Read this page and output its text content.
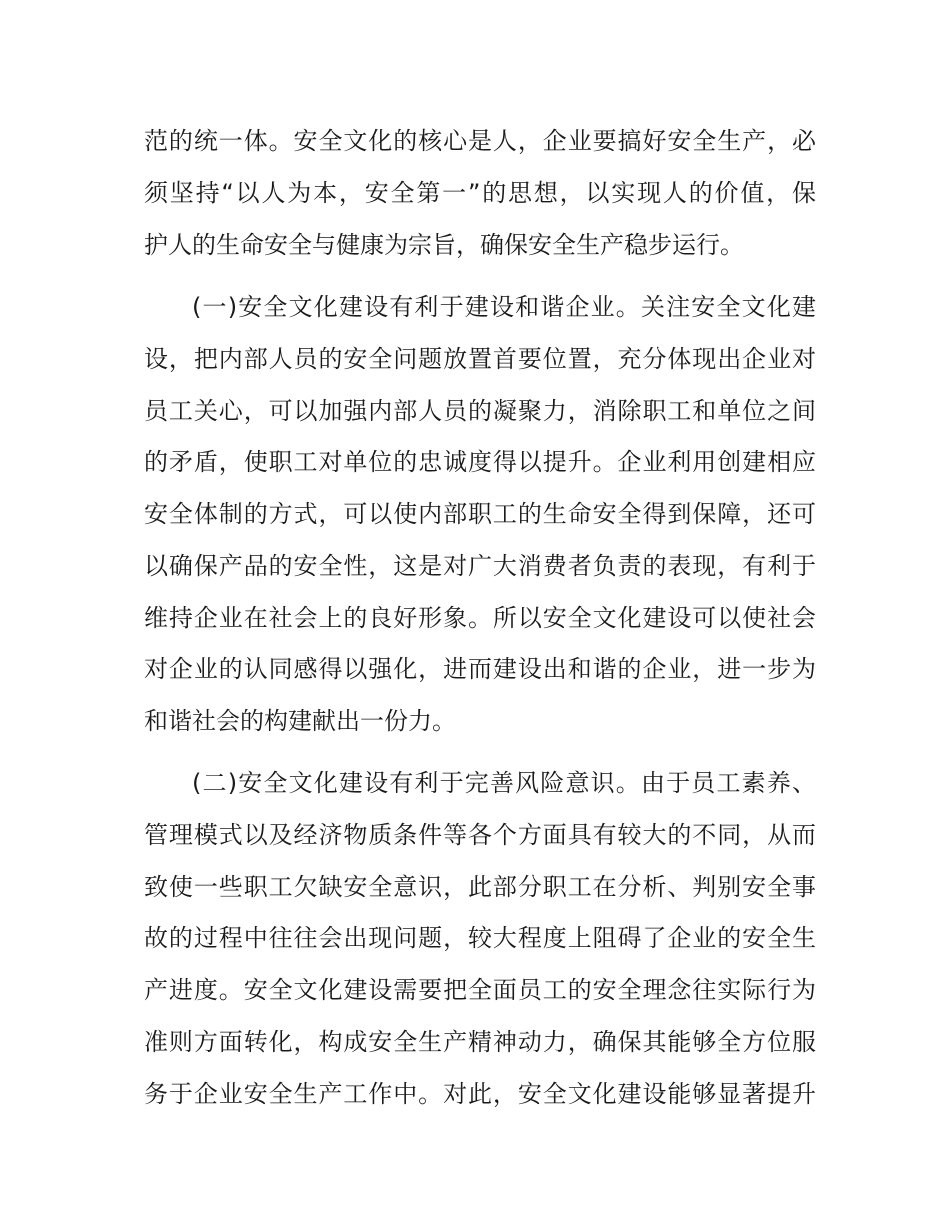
范的统一体。安全文化的核心是人，企业要搞好安全生产，必
须坚持“以人为本，安全第一”的思想，以实现人的价值，保
护人的生命安全与健康为宗旨，确保安全生产稳步运行。
(一)安全文化建设有利于建设和谐企业。关注安全文化建
设，把内部人员的安全问题放置首要位置，充分体现出企业对
员工关心，可以加强内部人员的凝聚力，消除职工和单位之间
的矛盾，使职工对单位的忠诚度得以提升。企业利用创建相应
安全体制的方式，可以使内部职工的生命安全得到保障，还可
以确保产品的安全性，这是对广大消费者负责的表现，有利于
维持企业在社会上的良好形象。所以安全文化建设可以使社会
对企业的认同感得以强化，进而建设出和谐的企业，进一步为
和谐社会的构建献出一份力。
(二)安全文化建设有利于完善风险意识。由于员工素养、
管理模式以及经济物质条件等各个方面具有较大的不同，从而
致使一些职工欠缺安全意识，此部分职工在分析、判别安全事
故的过程中往往会出现问题，较大程度上阻碍了企业的安全生
产进度。安全文化建设需要把全面员工的安全理念往实际行为
准则方面转化，构成安全生产精神动力，确保其能够全方位服
务于企业安全生产工作中。对此，安全文化建设能够显著提升
